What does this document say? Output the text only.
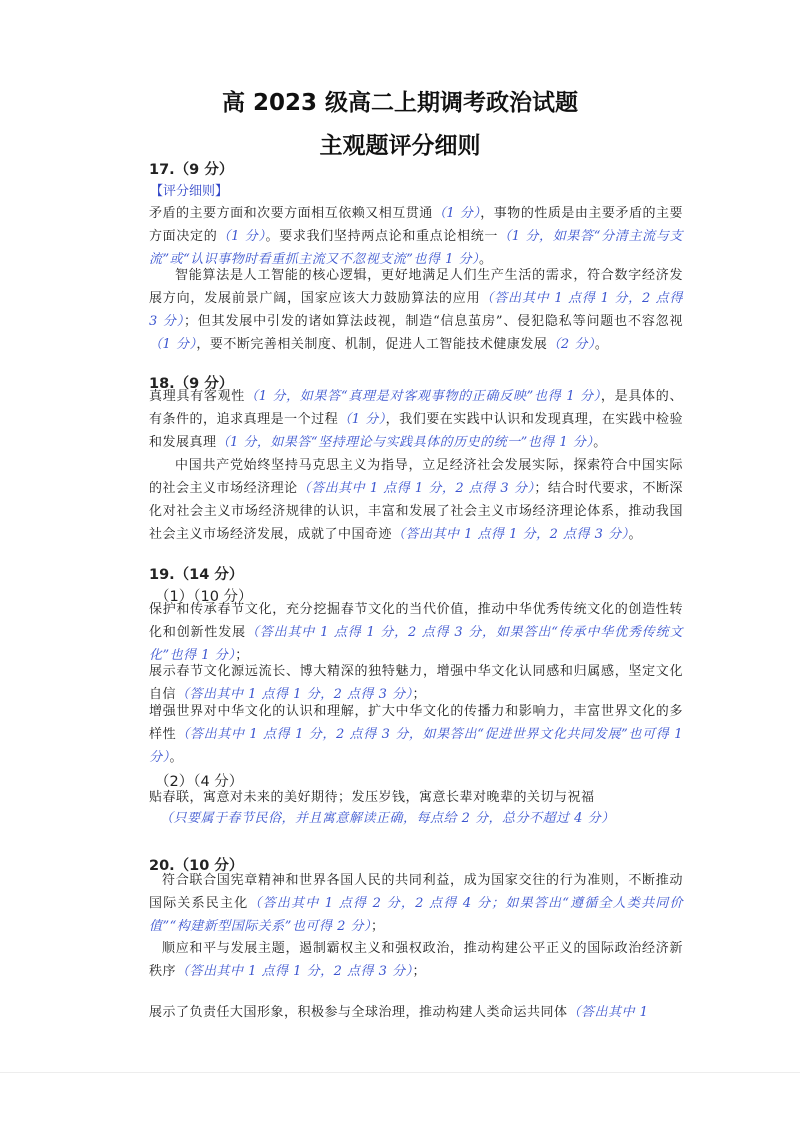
高 2023 级高二上期调考政治试题
主观题评分细则
17.（9 分）
【评分细则】
矛盾的主要方面和次要方面相互依赖又相互贯通（1 分），事物的性质是由主要矛盾的主要方面决定的（1 分）。要求我们坚持两点论和重点论相统一（1 分，如果答“分清主流与支流”或“认识事物时看重抓主流又不忽视支流”也得 1 分）。
智能算法是人工智能的核心逻辑，更好地满足人们生产生活的需求，符合数字经济发展方向，发展前景广阔，国家应该大力鼓励算法的应用（答出其中 1 点得 1 分，2 点得 3 分）；但其发展中引发的诸如算法歧视，制造“信息茧房”、侵犯隐私等问题也不容忽视（1 分），要不断完善相关制度、机制，促进人工智能技术健康发展（2 分）。
18.（9 分）
真理具有客观性（1 分，如果答“真理是对客观事物的正确反映”也得 1 分），是具体的、有条件的，追求真理是一个过程（1 分），我们要在实践中认识和发现真理，在实践中检验和发展真理（1 分，如果答“坚持理论与实践具体的历史的统一”也得 1 分）。
中国共产党始终坚持马克思主义为指导，立足经济社会发展实际，探索符合中国实际的社会主义市场经济理论（答出其中 1 点得 1 分，2 点得 3 分）；结合时代要求，不断深化对社会主义市场经济规律的认识，丰富和发展了社会主义市场经济理论体系，推动我国社会主义市场经济发展，成就了中国奇迹（答出其中 1 点得 1 分，2 点得 3 分）。
19.（14 分）
（1）（10 分）
保护和传承春节文化，充分挖掘春节文化的当代价值，推动中华优秀传统文化的创造性转化和创新性发展（答出其中 1 点得 1 分，2 点得 3 分，如果答出“传承中华优秀传统文化”也得 1 分）；
展示春节文化源远流长、博大精深的独特魅力，增强中华文化认同感和归属感，坚定文化自信（答出其中 1 点得 1 分，2 点得 3 分）；
增强世界对中华文化的认识和理解，扩大中华文化的传播力和影响力，丰富世界文化的多样性（答出其中 1 点得 1 分，2 点得 3 分，如果答出“促进世界文化共同发展”也可得 1 分）。
（2）（4 分）
贴春联，寓意对未来的美好期待；发压岁钱，寓意长辈对晚辈的关切与祝福
（只要属于春节民俗，并且寓意解读正确，每点给 2 分，总分不超过 4 分）
20.（10 分）
符合联合国宪章精神和世界各国人民的共同利益，成为国家交往的行为准则，不断推动国际关系民主化（答出其中 1 点得 2 分，2 点得 4 分；如果答出“遵循全人类共同价值”“构建新型国际关系”也可得 2 分）；
顺应和平与发展主题，遏制霸权主义和强权政治，推动构建公平正义的国际政治经济新秩序（答出其中 1 点得 1 分，2 点得 3 分）；
展示了负责任大国形象，积极参与全球治理，推动构建人类命运共同体（答出其中 1
